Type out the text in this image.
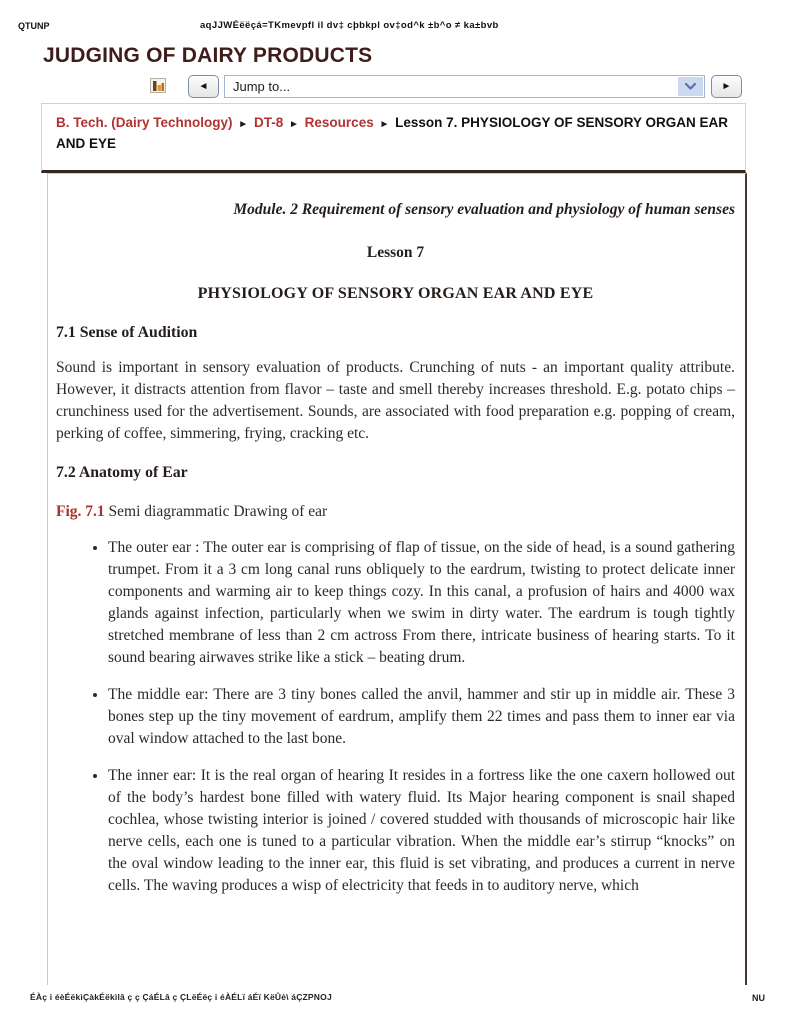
QTUNP	aqJJWÉëëçá=TKmevpfl il dv‡ cþbkpl ov‡od^k ±b^o ≠ ka±bvb
JUDGING OF DAIRY PRODUCTS
◄	Jump to...	►
B. Tech. (Dairy Technology) ► DT-8 ► Resources ► Lesson 7. PHYSIOLOGY OF SENSORY ORGAN EAR AND EYE
Module. 2 Requirement of sensory evaluation and physiology of human senses
Lesson 7
PHYSIOLOGY OF SENSORY ORGAN EAR AND EYE
7.1 Sense of Audition

Sound is important in sensory evaluation of products. Crunching of nuts - an important quality attribute. However, it distracts attention from flavor – taste and smell thereby increases threshold. E.g. potato chips – crunchiness used for the advertisement. Sounds, are associated with food preparation e.g. popping of cream, perking of coffee, simmering, frying, cracking etc.

7.2 Anatomy of Ear
Fig. 7.1 Semi diagrammatic Drawing of ear
• The outer ear : The outer ear is comprising of flap of tissue, on the side of head, is a sound gathering trumpet. From it a 3 cm long canal runs obliquely to the eardrum, twisting to protect delicate inner components and warming air to keep things cozy. In this canal, a profusion of hairs and 4000 wax glands against infection, particularly when we swim in dirty water. The eardrum is tough tightly stretched membrane of less than 2 cm actross From there, intricate business of hearing starts. To it sound bearing airwaves strike like a stick – beating drum.
• The middle ear: There are 3 tiny bones called the anvil, hammer and stir up in middle air. These 3 bones step up the tiny movement of eardrum, amplify them 22 times and pass them to inner ear via oval window attached to the last bone.
• The inner ear: It is the real organ of hearing It resides in a fortress like the one caxern hollowed out of the body’s hardest bone filled with watery fluid. Its Major hearing component is snail shaped cochlea, whose twisting interior is joined / covered studded with thousands of microscopic hair like nerve cells, each one is tuned to a particular vibration. When the middle ear’s stirrup “knocks” on the oval window leading to the inner ear, this fluid is set vibrating, and produces a current in nerve cells. The waving produces a wisp of electricity that feeds in to auditory nerve, which
ÉÀç i éèÉëkìÇàkÉëkìlâ ç ç ÇáÉLâ ç ÇLëÉëç i éÀÉLï áÉï KëÛè\ áÇZPNOJ	NU
